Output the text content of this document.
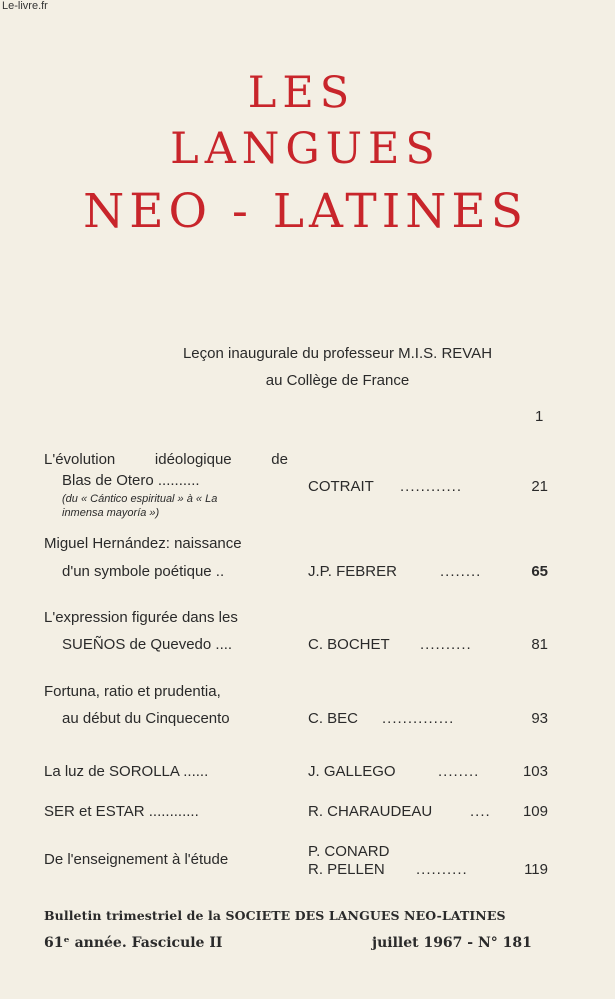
Le-livre.fr
LES
LANGUES
NEO - LATINES
Leçon inaugurale du professeur M.I.S. REVAH
au Collège de France
1
L'évolution idéologique de
Blas de Otero ..........
(du « Cántico espiritual » à « La
inmensa mayoría »)
COTRAIT ............	21
Miguel Hernández: naissance
d'un symbole poétique ..	J.P. FEBRER	........	65
L'expression figurée dans les
SUEÑOS de Quevedo ....	C. BOCHET ..........	81
Fortuna, ratio et prudentia,
au début du Cinquecento	C. BEC ..............	93
La luz de SOROLLA ......	J. GALLEGO	........	103
SER et ESTAR ............	R. CHARAUDEAU	....	109
De l'enseignement à l'étude	P. CONARD
R. PELLEN ..........	119
Bulletin trimestriel de la SOCIETE DES LANGUES NEO-LATINES
61ᵉ année. Fascicule II	juillet 1967 - N° 181
